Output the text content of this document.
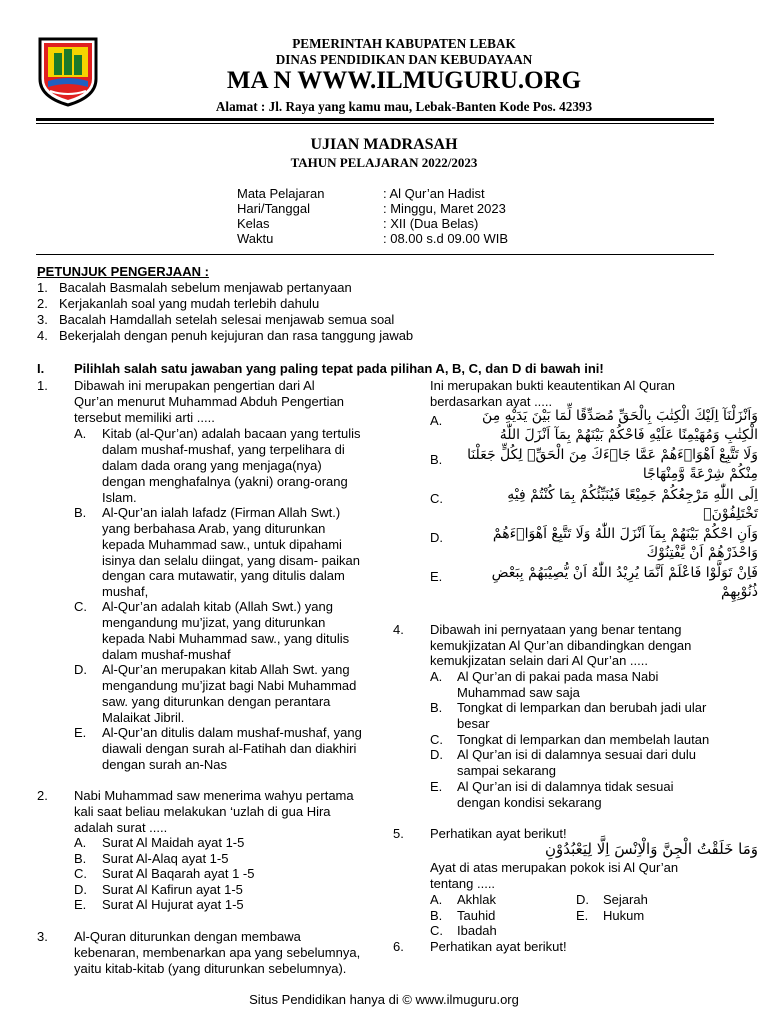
PEMERINTAH KABUPATEN LEBAK
DINAS PENDIDIKAN DAN KEBUDAYAAN
MA N WWW.ILMUGURU.ORG
Alamat : Jl. Raya yang kamu mau, Lebak-Banten Kode Pos. 42393
UJIAN MADRASAH
TAHUN PELAJARAN 2022/2023
Mata Pelajaran	: Al Qur’an Hadist
Hari/Tanggal	: Minggu, Maret 2023
Kelas	: XII (Dua Belas)
Waktu	: 08.00 s.d 09.00 WIB
PETUNJUK PENGERJAAN :
1. Bacalah Basmalah sebelum menjawab pertanyaan
2. Kerjakanlah soal yang mudah terlebih dahulu
3. Bacalah Hamdallah setelah selesai menjawab semua soal
4. Bekerjalah dengan penuh kejujuran dan rasa tanggung jawab
I. Pilihlah salah satu jawaban yang paling tepat pada pilihan A, B, C, dan D di bawah ini!
1. Dibawah ini merupakan pengertian dari Al
Qur’an menurut Muhammad Abduh Pengertian
tersebut memiliki arti .....
A. Kitab (al-Qur’an) adalah bacaan yang tertulis
dalam mushaf-mushaf, yang terpelihara di
dalam dada orang yang menjaga(nya)
dengan menghafalnya (yakni) orang-orang
Islam.
B. Al-Qur’an ialah lafadz (Firman Allah Swt.)
yang berbahasa Arab, yang diturunkan
kepada Muhammad saw., untuk dipahami
isinya dan selalu diingat, yang disam- paikan
dengan cara mutawatir, yang ditulis dalam
mushaf,
C. Al-Qur’an adalah kitab (Allah Swt.) yang
mengandung mu’jizat, yang diturunkan
kepada Nabi Muhammad saw., yang ditulis
dalam mushaf-mushaf
D. Al-Qur’an merupakan kitab Allah Swt. yang
mengandung mu’jizat bagi Nabi Muhammad
saw. yang diturunkan dengan perantara
Malaikat Jibril.
E. Al-Qur’an ditulis dalam mushaf-mushaf, yang
diawali dengan surah al-Fatihah dan diakhiri
dengan surah an-Nas
2. Nabi Muhammad saw menerima wahyu pertama
kali saat beliau melakukan ‘uzlah di gua Hira
adalah surat .....
A. Surat Al Maidah ayat 1-5
B. Surat Al-Alaq ayat 1-5
C. Surat Al Baqarah ayat 1 -5
D. Surat Al Kafirun ayat 1-5
E. Surat Al Hujurat ayat 1-5
3. Al-Quran diturunkan dengan membawa
kebenaran, membenarkan apa yang sebelumnya,
yaitu kitab-kitab (yang diturunkan sebelumnya).
Ini merupakan bukti keautentikan Al Quran
berdasarkan ayat .....
A.	وَاَنْزَلْنَآ اِلَيْكَ الْكِتٰبَ بِالْحَقِّ مُصَدِّقًا لِّمَا بَيْنَ يَدَيْهِ مِنَ
الْكِتٰبِ وَمُهَيْمِنًا عَلَيْهِ فَاحْكُمْ بَيْنَهُمْ بِمَآ اَنْزَلَ اللّٰهُ
B.	وَلَا تَتَّبِعْ اَهْوَاۤءَهُمْ عَمَّا جَاۤءَكَ مِنَ الْحَقِّۗ لِكُلٍّ جَعَلْنَا
مِنْكُمْ شِرْعَةً وَّمِنْهَاجًا
C.	اِلَى اللّٰهِ مَرْجِعُكُمْ جَمِيْعًا فَيُنَبِّئُكُمْ بِمَا كُنْتُمْ فِيْهِ
تَخْتَلِفُوْنَۙ
D.	وَاَنِ احْكُمْ بَيْنَهُمْ بِمَآ اَنْزَلَ اللّٰهُ وَلَا تَتَّبِعْ اَهْوَاۤءَهُمْ
وَاحْذَرْهُمْ اَنْ يَّفْتِنُوْكَ
E.	فَاِنْ تَوَلَّوْا فَاعْلَمْ اَنَّمَا يُرِيْدُ اللّٰهُ اَنْ يُّصِيْبَهُمْ بِبَعْضِ
ذُنُوْبِهِمْ
4. Dibawah ini pernyataan yang benar tentang
kemukjizatan Al Qur’an dibandingkan dengan
kemukjizatan selain dari Al Qur’an .....
A. Al Qur’an di pakai pada masa Nabi
Muhammad saw saja
B. Tongkat di lemparkan dan berubah jadi ular
besar
C. Tongkat di lemparkan dan membelah lautan
D. Al Qur’an isi di dalamnya sesuai dari dulu
sampai sekarang
E. Al Qur’an isi di dalamnya tidak sesuai
dengan kondisi sekarang
5. Perhatikan ayat berikut!
وَمَا خَلَقْتُ الْجِنَّ وَالْاِنْسَ اِلَّا لِيَعْبُدُوْنِ
Ayat di atas merupakan pokok isi Al Qur’an
tentang .....
A. Akhlak
B. Tauhid
C. Ibadah
D. Sejarah
E. Hukum
6. Perhatikan ayat berikut!
Situs Pendidikan hanya di © www.ilmuguru.org
